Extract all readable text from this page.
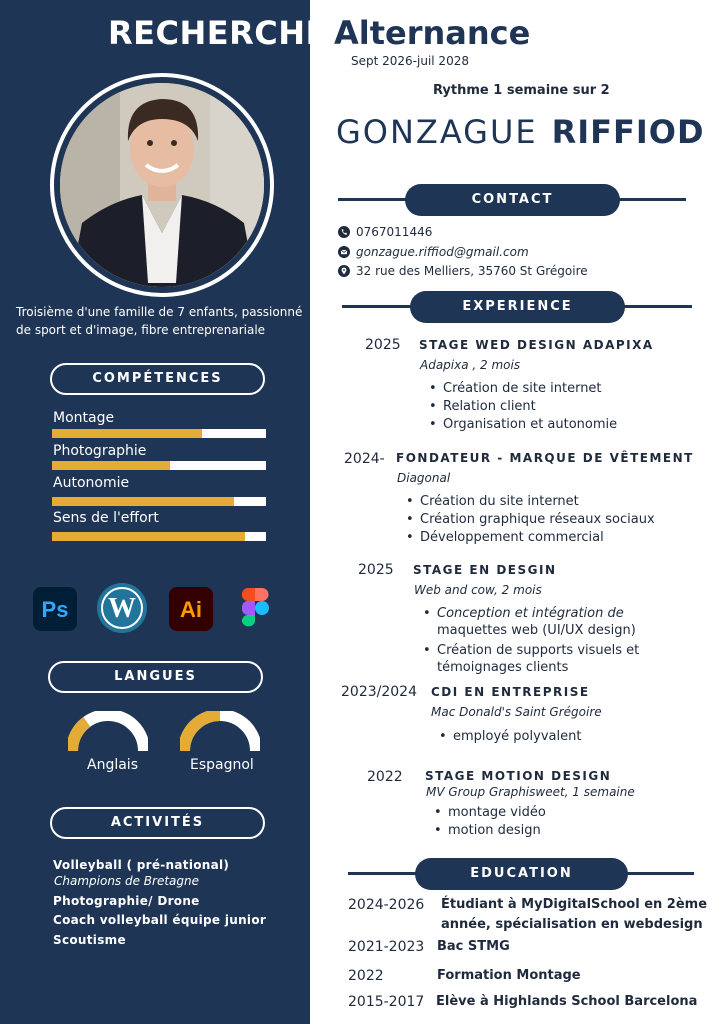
RECHERCHE Alternance
Sept 2026-juil 2028
Rythme 1 semaine sur 2
GONZAGUE RIFFIOD
Troisième d'une famille de 7 enfants, passionné de sport et d'image, fibre entreprenariale
COMPÉTENCES
Montage
Photographie
Autonomie
Sens de l'effort
Ps W Ai
LANGUES
Anglais	Espagnol
ACTIVITÉS
Volleyball ( pré-national)
Champions de Bretagne
Photographie/ Drone
Coach volleyball équipe junior
Scoutisme
CONTACT
0767011446
gonzague.riffiod@gmail.com
32 rue des Melliers, 35760 St Grégoire
EXPERIENCE
2025 STAGE WED DESIGN ADAPIXA
Adapixa , 2 mois
• Création de site internet
• Relation client
• Organisation et autonomie
2024- FONDATEUR - MARQUE DE VÊTEMENT
Diagonal
• Création du site internet
• Création graphique réseaux sociaux
• Développement commercial
2025 STAGE EN DESGIN
Web and cow, 2 mois
• Conception et intégration de
maquettes web (UI/UX design)
• Création de supports visuels et
témoignages clients
2023/2024 CDI EN ENTREPRISE
Mac Donald's Saint Grégoire
• employé polyvalent
2022 STAGE MOTION DESIGN
MV Group Graphisweet, 1 semaine
• montage vidéo
• motion design
EDUCATION
2024-2026 Étudiant à MyDigitalSchool en 2ème
année, spécialisation en webdesign
2021-2023 Bac STMG
2022	Formation Montage
2015-2017 Elève à Highlands School Barcelona
